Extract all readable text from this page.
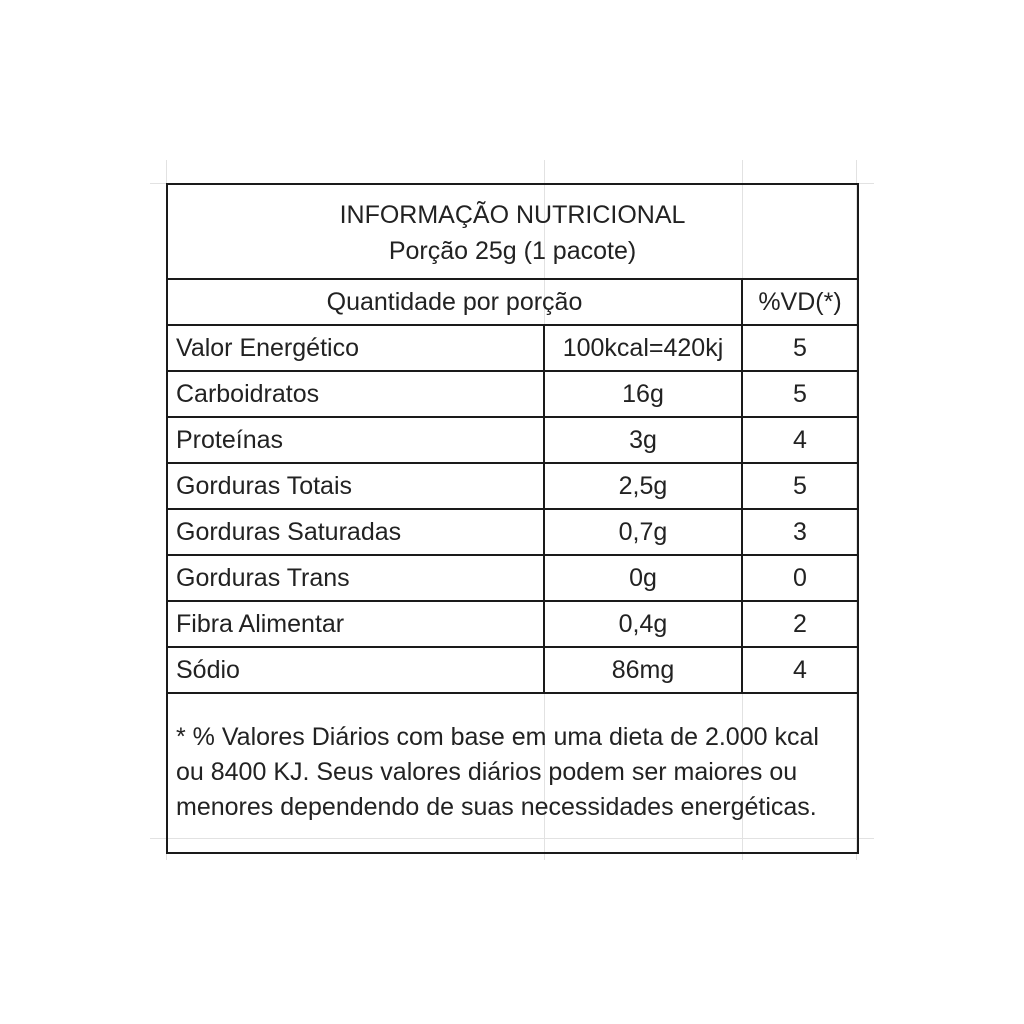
INFORMAÇÃO NUTRICIONAL
Porção 25g (1 pacote)		

Quantidade por porção		%VD(*)
Valor Energético	100kcal=420kj	5
Carboidratos	16g	5
Proteínas	3g	4
Gorduras Totais	2,5g	5
Gorduras Saturadas	0,7g	3
Gorduras Trans	0g	0
Fibra Alimentar	0,4g	2
Sódio	86mg	4
* % Valores Diários com base em uma dieta de 2.000 kcal ou 8400 KJ. Seus valores diários podem ser maiores ou menores dependendo de suas necessidades energéticas.		
